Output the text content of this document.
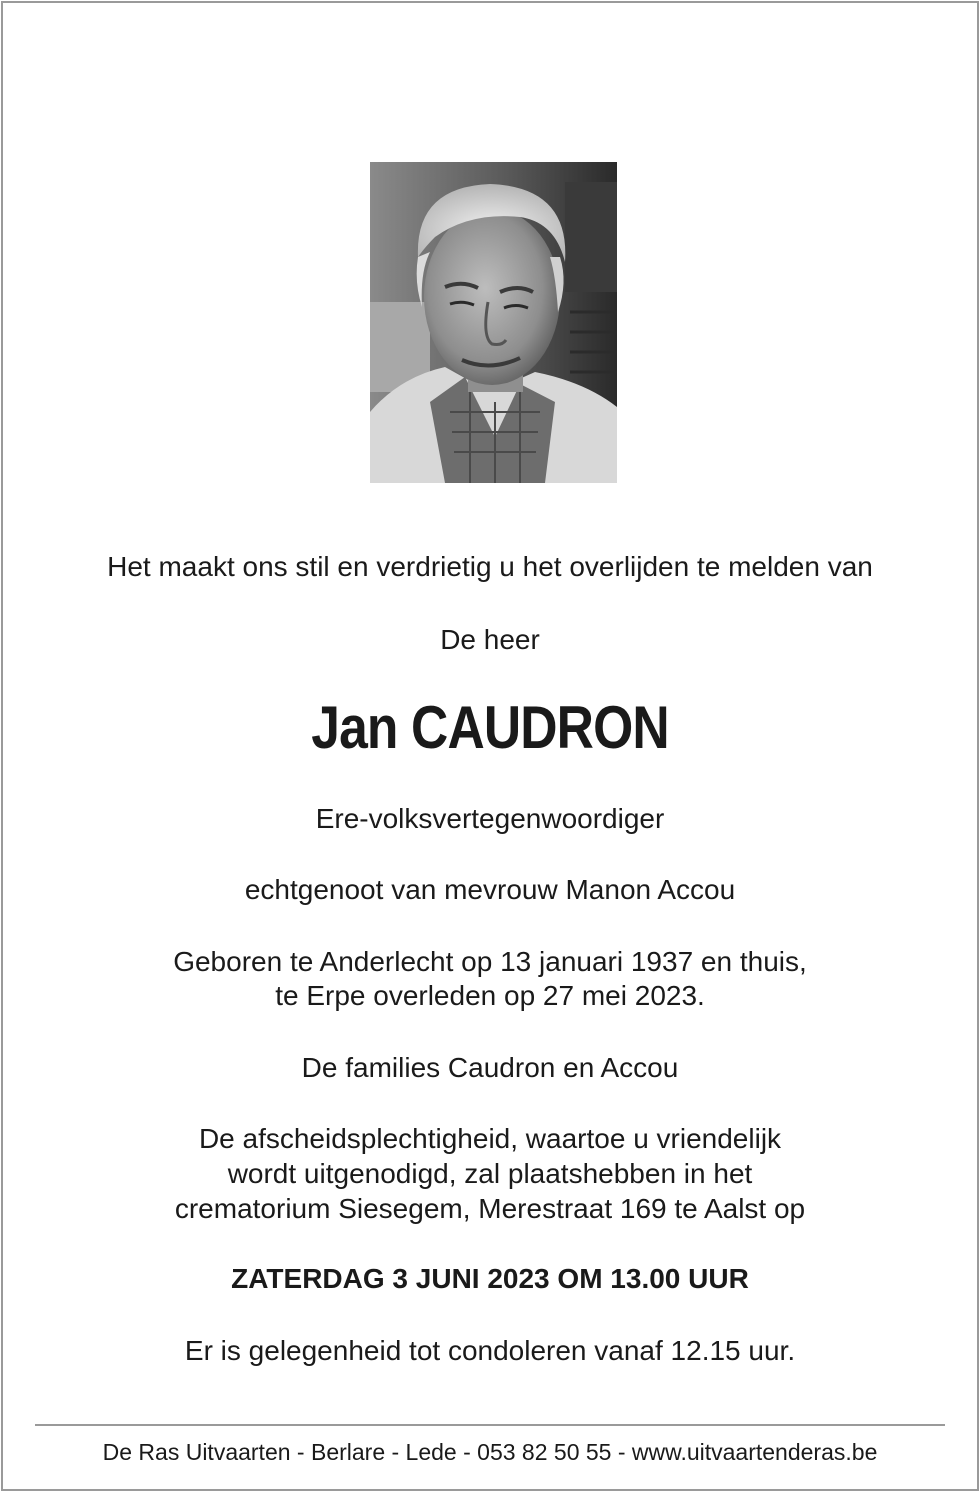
Het maakt ons stil en verdrietig u het overlijden te melden van
De heer
Jan CAUDRON
Ere-volksvertegenwoordiger
echtgenoot van mevrouw Manon Accou
Geboren te Anderlecht op 13 januari 1937 en thuis,
te Erpe overleden op 27 mei 2023.
De families Caudron en Accou
De afscheidsplechtigheid, waartoe u vriendelijk
wordt uitgenodigd, zal plaatshebben in het
crematorium Siesegem, Merestraat 169 te Aalst op
ZATERDAG 3 JUNI 2023 OM 13.00 UUR
Er is gelegenheid tot condoleren vanaf 12.15 uur.
De Ras Uitvaarten - Berlare - Lede - 053 82 50 55 - www.uitvaartenderas.be
